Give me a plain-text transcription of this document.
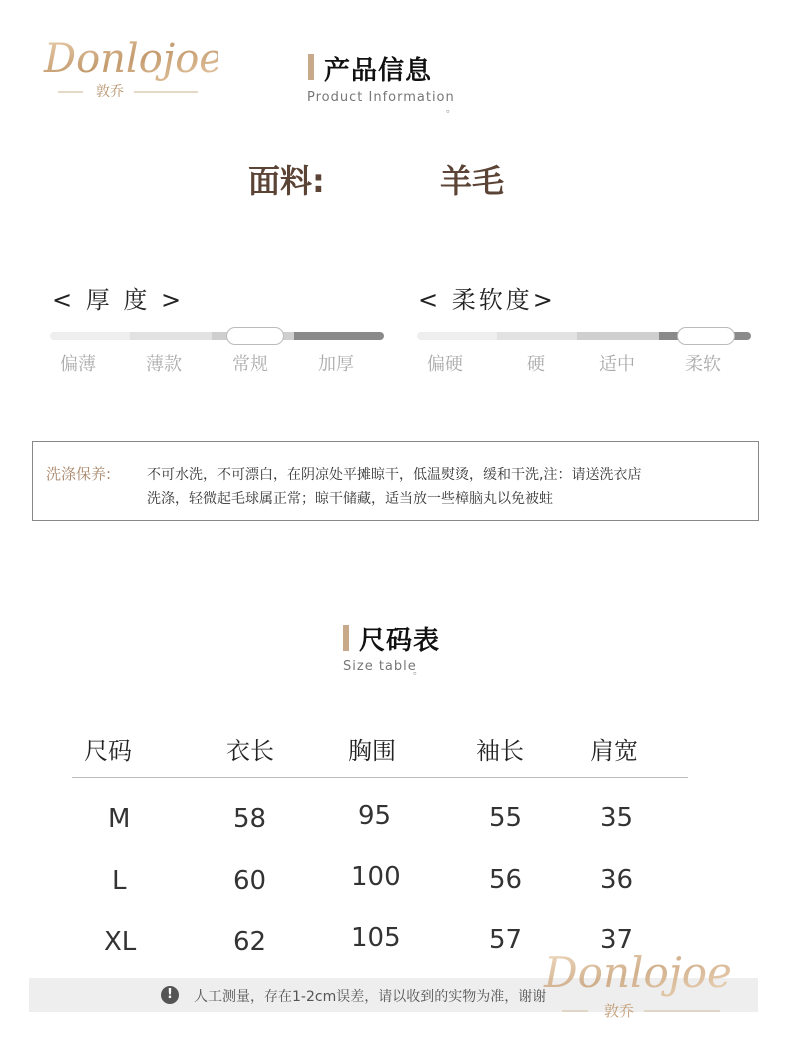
Donlojoe
敦乔
产品信息
Product Information
。
面料:	羊毛
< 厚 度 >
偏薄	薄款	常规	加厚
< 柔软度>
偏硬	硬	适中	柔软
洗涤保养:	不可水洗，不可漂白，在阴凉处平摊晾干，低温熨烫，缓和干洗,注：请送洗衣店
洗涤，轻微起毛球属正常；晾干储藏，适当放一些樟脑丸以免被蛀
尺码表
Size table
。
尺码	衣长	胸围	袖长	肩宽
M	58	95	55	35
L	60	100	56	36
XL	62	105	57	37
!	人工测量，存在1-2cm误差，请以收到的实物为准，谢谢
Donlojoe
敦乔
